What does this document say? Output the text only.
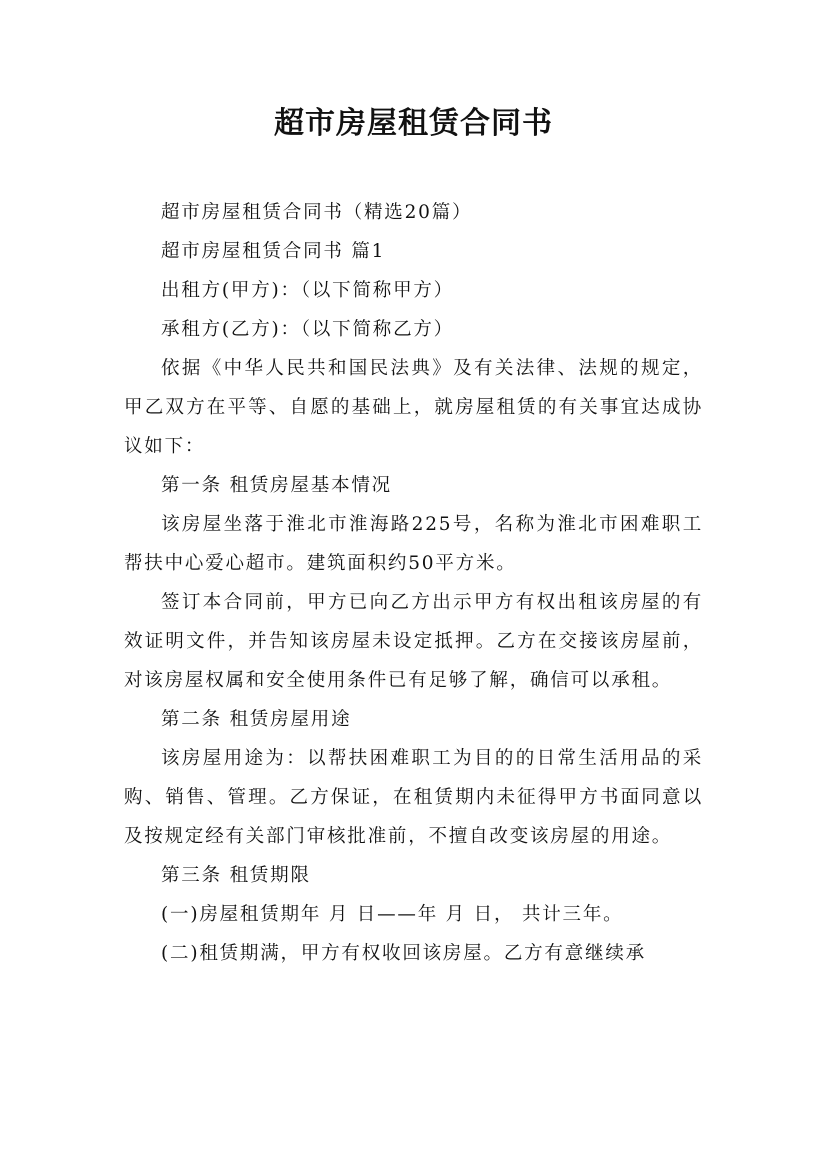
超市房屋租赁合同书

超市房屋租赁合同书（精选20篇）

超市房屋租赁合同书 篇1

出租方(甲方)：（以下简称甲方）

承租方(乙方)：（以下简称乙方）

依据《中华人民共和国民法典》及有关法律、法规的规定，甲乙双方在平等、自愿的基础上，就房屋租赁的有关事宜达成协议如下：

第一条 租赁房屋基本情况

该房屋坐落于淮北市淮海路225号，名称为淮北市困难职工帮扶中心爱心超市。建筑面积约50平方米。

签订本合同前，甲方已向乙方出示甲方有权出租该房屋的有效证明文件，并告知该房屋未设定抵押。乙方在交接该房屋前，对该房屋权属和安全使用条件已有足够了解，确信可以承租。

第二条 租赁房屋用途

该房屋用途为：以帮扶困难职工为目的的日常生活用品的采购、销售、管理。乙方保证，在租赁期内未征得甲方书面同意以及按规定经有关部门审核批准前，不擅自改变该房屋的用途。

第三条 租赁期限

(一)房屋租赁期年 月 日——年 月 日， 共计三年。

(二)租赁期满，甲方有权收回该房屋。乙方有意继续承
